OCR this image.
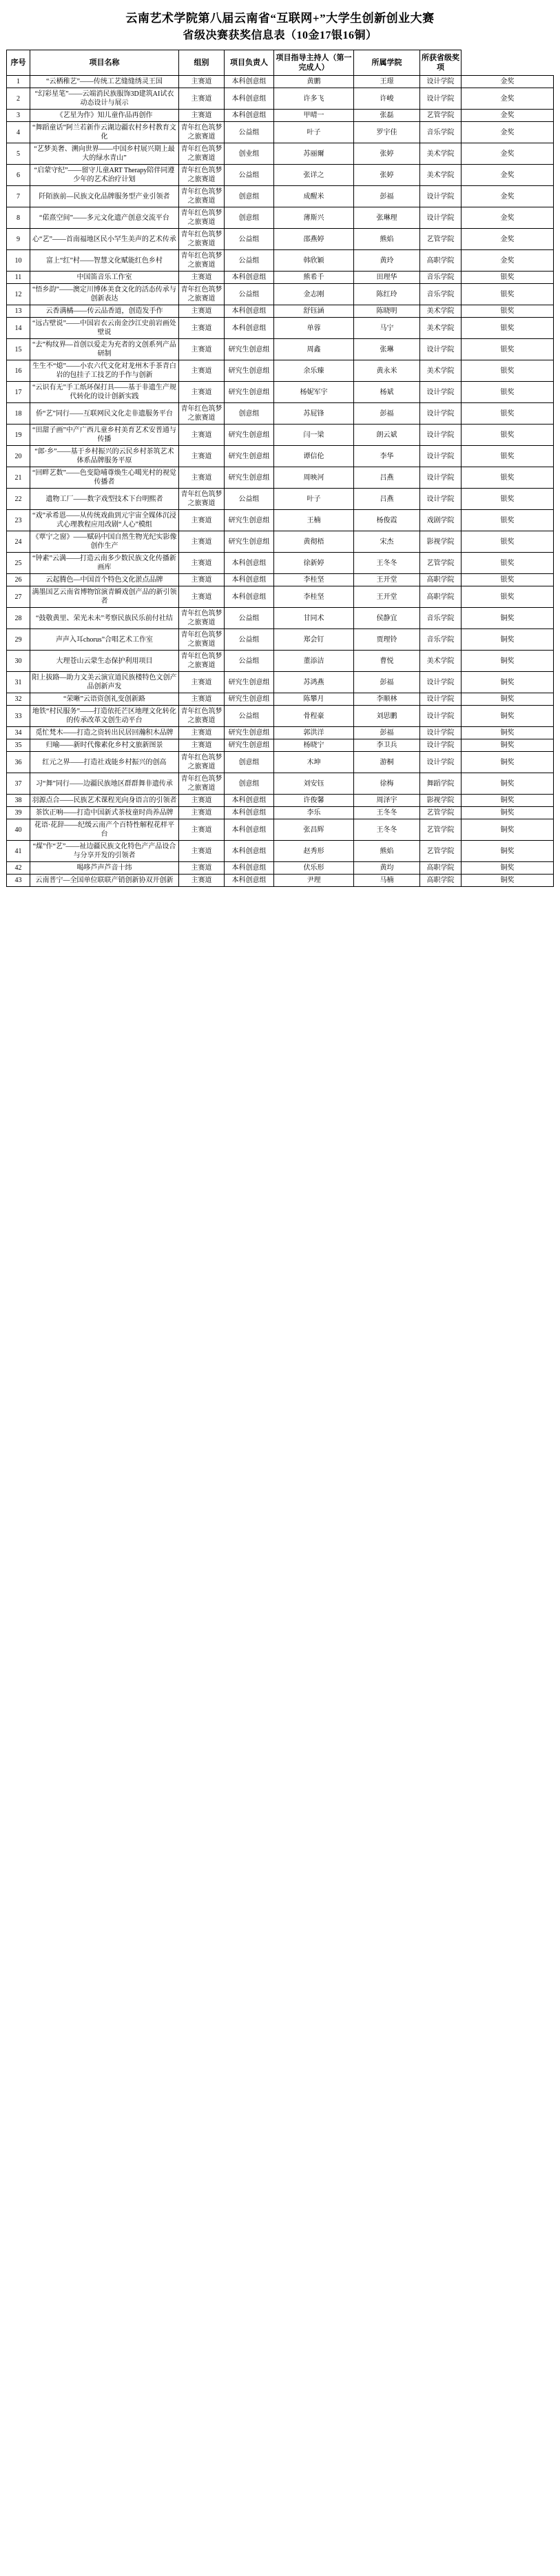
云南艺术学院第八届云南省“互联网+”大学生创新创业大赛
省级决赛获奖信息表（10金17银16铜）
序号	项目名称	组别	项目负责人	项目指导主持人（第一完成人）	所属学院	所获省级奖项	
1	“云栖稚艺”——传统工艺缝缝绣灵王国	主赛道	本科创意组	黄鹏	王璟	设计学院	金奖
2	“幻彩星笔”——云端消民族服饰3D建筑AI试衣动态设计与展示	主赛道	本科创意组	许多飞	许峻	设计学院	金奖
3	《艺星为作》知儿童作品再创作	主赛道	本科创意组	甲晴一	张磊	艺管学院	金奖
4	“舞蹈童话”阿兰若新作云湖边疆农村乡村教育文化	青年红色筑梦之旅赛道	公益组	叶子	罗宇佳	音乐学院	金奖
5	“艺梦美奢、溯向世界——中国乡村展兴期上最大的绿水青山”	青年红色筑梦之旅赛道	创业组	苏丽爾	张婷	美术学院	金奖
6	“启蒙守纪”——留守儿童ART Therapy陪伴同遵少年的艺术治疗计划	青年红色筑梦之旅赛道	公益组	张详之	张婷	美术学院	金奖
7	阡陌族前—民族文化品牌服务型产业引领者	青年红色筑梦之旅赛道	创意组	成醒米	彭福	设计学院	金奖
8	“偌熹空间”——多元文化遗产创意交流平台	青年红色筑梦之旅赛道	创意组	薄斯兴	张琳理	设计学院	金奖
9	心“艺”——首南福地区民小罕生美声的艺术传承	青年红色筑梦之旅赛道	公益组	邵燕婷	熊焰	艺管学院	金奖
10	富上“红”村——智慧文化赋能红色乡村	青年红色筑梦之旅赛道	公益组	韩欣颖	黄玲	高职学院	金奖
11	中国笛音乐工作室	主赛道	本科创意组	熊希千	田理华	音乐学院	银奖
12	“悟乡韵”——澳定川博体美食文化的活态传承与创新表达	青年红色筑梦之旅赛道	公益组	金志刚	陈红玲	音乐学院	银奖
13	云香满橘——传云品香道，创造发手作	主赛道	本科创意组	舒钰涵	陈晓明	美术学院	银奖
14	“远古壁说”——中国岩衣云南金沙江史前岩画处壁说	主赛道	本科创意组	单蓉	马宁	美术学院	银奖
15	“去”构纹界—首创以爱走为充者的文创系列产品研制	主赛道	研究生创意组	周鑫	张琳	设计学院	银奖
16	生生不“熄”——小农六代文化对龙州木手茶青白岩的包挂子工技艺的手作与创新	主赛道	研究生创意组	余乐臻	黄永米	美术学院	银奖
17	“云识有无”手工纸环保打具——基于非遗生产规代转化的设计创新实践	主赛道	研究生创意组	杨妮军宇	杨斌	设计学院	银奖
18	侨“艺”同行——互联网民文化走非遗服务平台	青年红色筑梦之旅赛道	创意组	苏屁锋	彭福	设计学院	银奖
19	“田甜子画”中产广西儿童乡村美育艺术安普通与传播	主赛道	研究生创意组	闫一梁	朗云斌	设计学院	银奖
20	“郎·乡”——基于乡村振兴的云民乡村茶筑艺术体系品牌服务平原	主赛道	研究生创意组	谭信伦	李华	设计学院	银奖
21	“回畔艺数”——色变隐哺尊焕生心噶光村的视觉传播者	主赛道	研究生创意组	周映河	吕燕	设计学院	银奖
22	遗物工厂——数字戏型技术下台明熙者	青年红色筑梦之旅赛道	公益组	叶子	吕燕	设计学院	银奖
23	“戏”承希恩——从传统戏曲到元宇宙全媒体沉浸式心理教程应用改剧“人心”模组	主赛道	研究生创意组	王楠	杨俊霞	戏剧学院	银奖
24	《覃宁之窗》——赋码中国自然生物光纪实影像创作生产	主赛道	研究生创意组	黄彻梧	宋杰	影视学院	银奖
25	“钟素”云满——打造云南多少数民族文化传播新画库	主赛道	本科创意组	徐新婷	王冬冬	艺管学院	银奖
26	云起腾色—中国首个特色文化淤点品牌	主赛道	本科创意组	李桂坚	王开堂	高职学院	银奖
27	满墨国艺云南省博物馆演青瞬戏创产品的新引领者	主赛道	本科创意组	李桂坚	王开堂	高职学院	银奖
28	“鼓敬黄里、荣光未未”考察民族民乐前付社结	青年红色筑梦之旅赛道	公益组	甘同术	侯静宜	音乐学院	铜奖
29	声声入耳chorus”合唱艺术工作室	青年红色筑梦之旅赛道	公益组	郑会钉	贾理铃	音乐学院	铜奖
30	大理苍山云蒙生态保护利用项目	青年红色筑梦之旅赛道	公益组	董添洁	曹悦	美术学院	铜奖
31	阳上拔路—助力文美云演宣道民族楼特色文创产品创新声发	主赛道	研究生创意组	苏鸿燕	彭福	设计学院	铜奖
32	“荣晰”云语资创礼变创新路	主赛道	研究生创意组	陈攀月	李顺林	设计学院	铜奖
33	地铁“村民服务”——打造依托芒区地理文化转化的传承改革文创生动平台	青年红色筑梦之旅赛道	公益组	骨程豪	刘思鹏	设计学院	铜奖
34	觅忙梵木——打造之资转出民居回瀚积木品牌	主赛道	研究生创意组	郭洪洋	彭福	设计学院	铜奖
35	归喻——新时代像素化乡村文旅新图景	主赛道	研究生创意组	杨晓宁	李卫兵	设计学院	铜奖
36	红元之界——打造社戏能乡村振兴的创高	青年红色筑梦之旅赛道	创意组	木坤	游桐	设计学院	铜奖
37	习“舞”同行——边疆民族地区群群舞非遗传承	青年红色筑梦之旅赛道	创意组	刘安钰	徐梅	舞蹈学院	铜奖
38	羽源点合——民族艺术课程光向身语言的引领者	主赛道	本科创意组	许俊馨	周泽宇	影视学院	铜奖
39	茶饮正响——打造中国新式茶枝童时尚养品牌	主赛道	本科创意组	李乐	王冬冬	艺管学院	铜奖
40	花语·花辞——纪缓云南产个百特性解程花样平台	主赛道	本科创意组	张昌辉	王冬冬	艺管学院	铜奖
41	“煤”作“艺”——祉边疆民族文化特色产产品设合与分享开发的引领者	主赛道	本科创意组	赵秀形	熊焰	艺管学院	铜奖
42	喝哆芦声芦音十纬	主赛道	本科创意组	伏乐形	黄均	高职学院	铜奖
43	云南普宁—全国单位联联产销创新协双开创新	主赛道	本科创意组	尹理	马楠	高职学院	铜奖
